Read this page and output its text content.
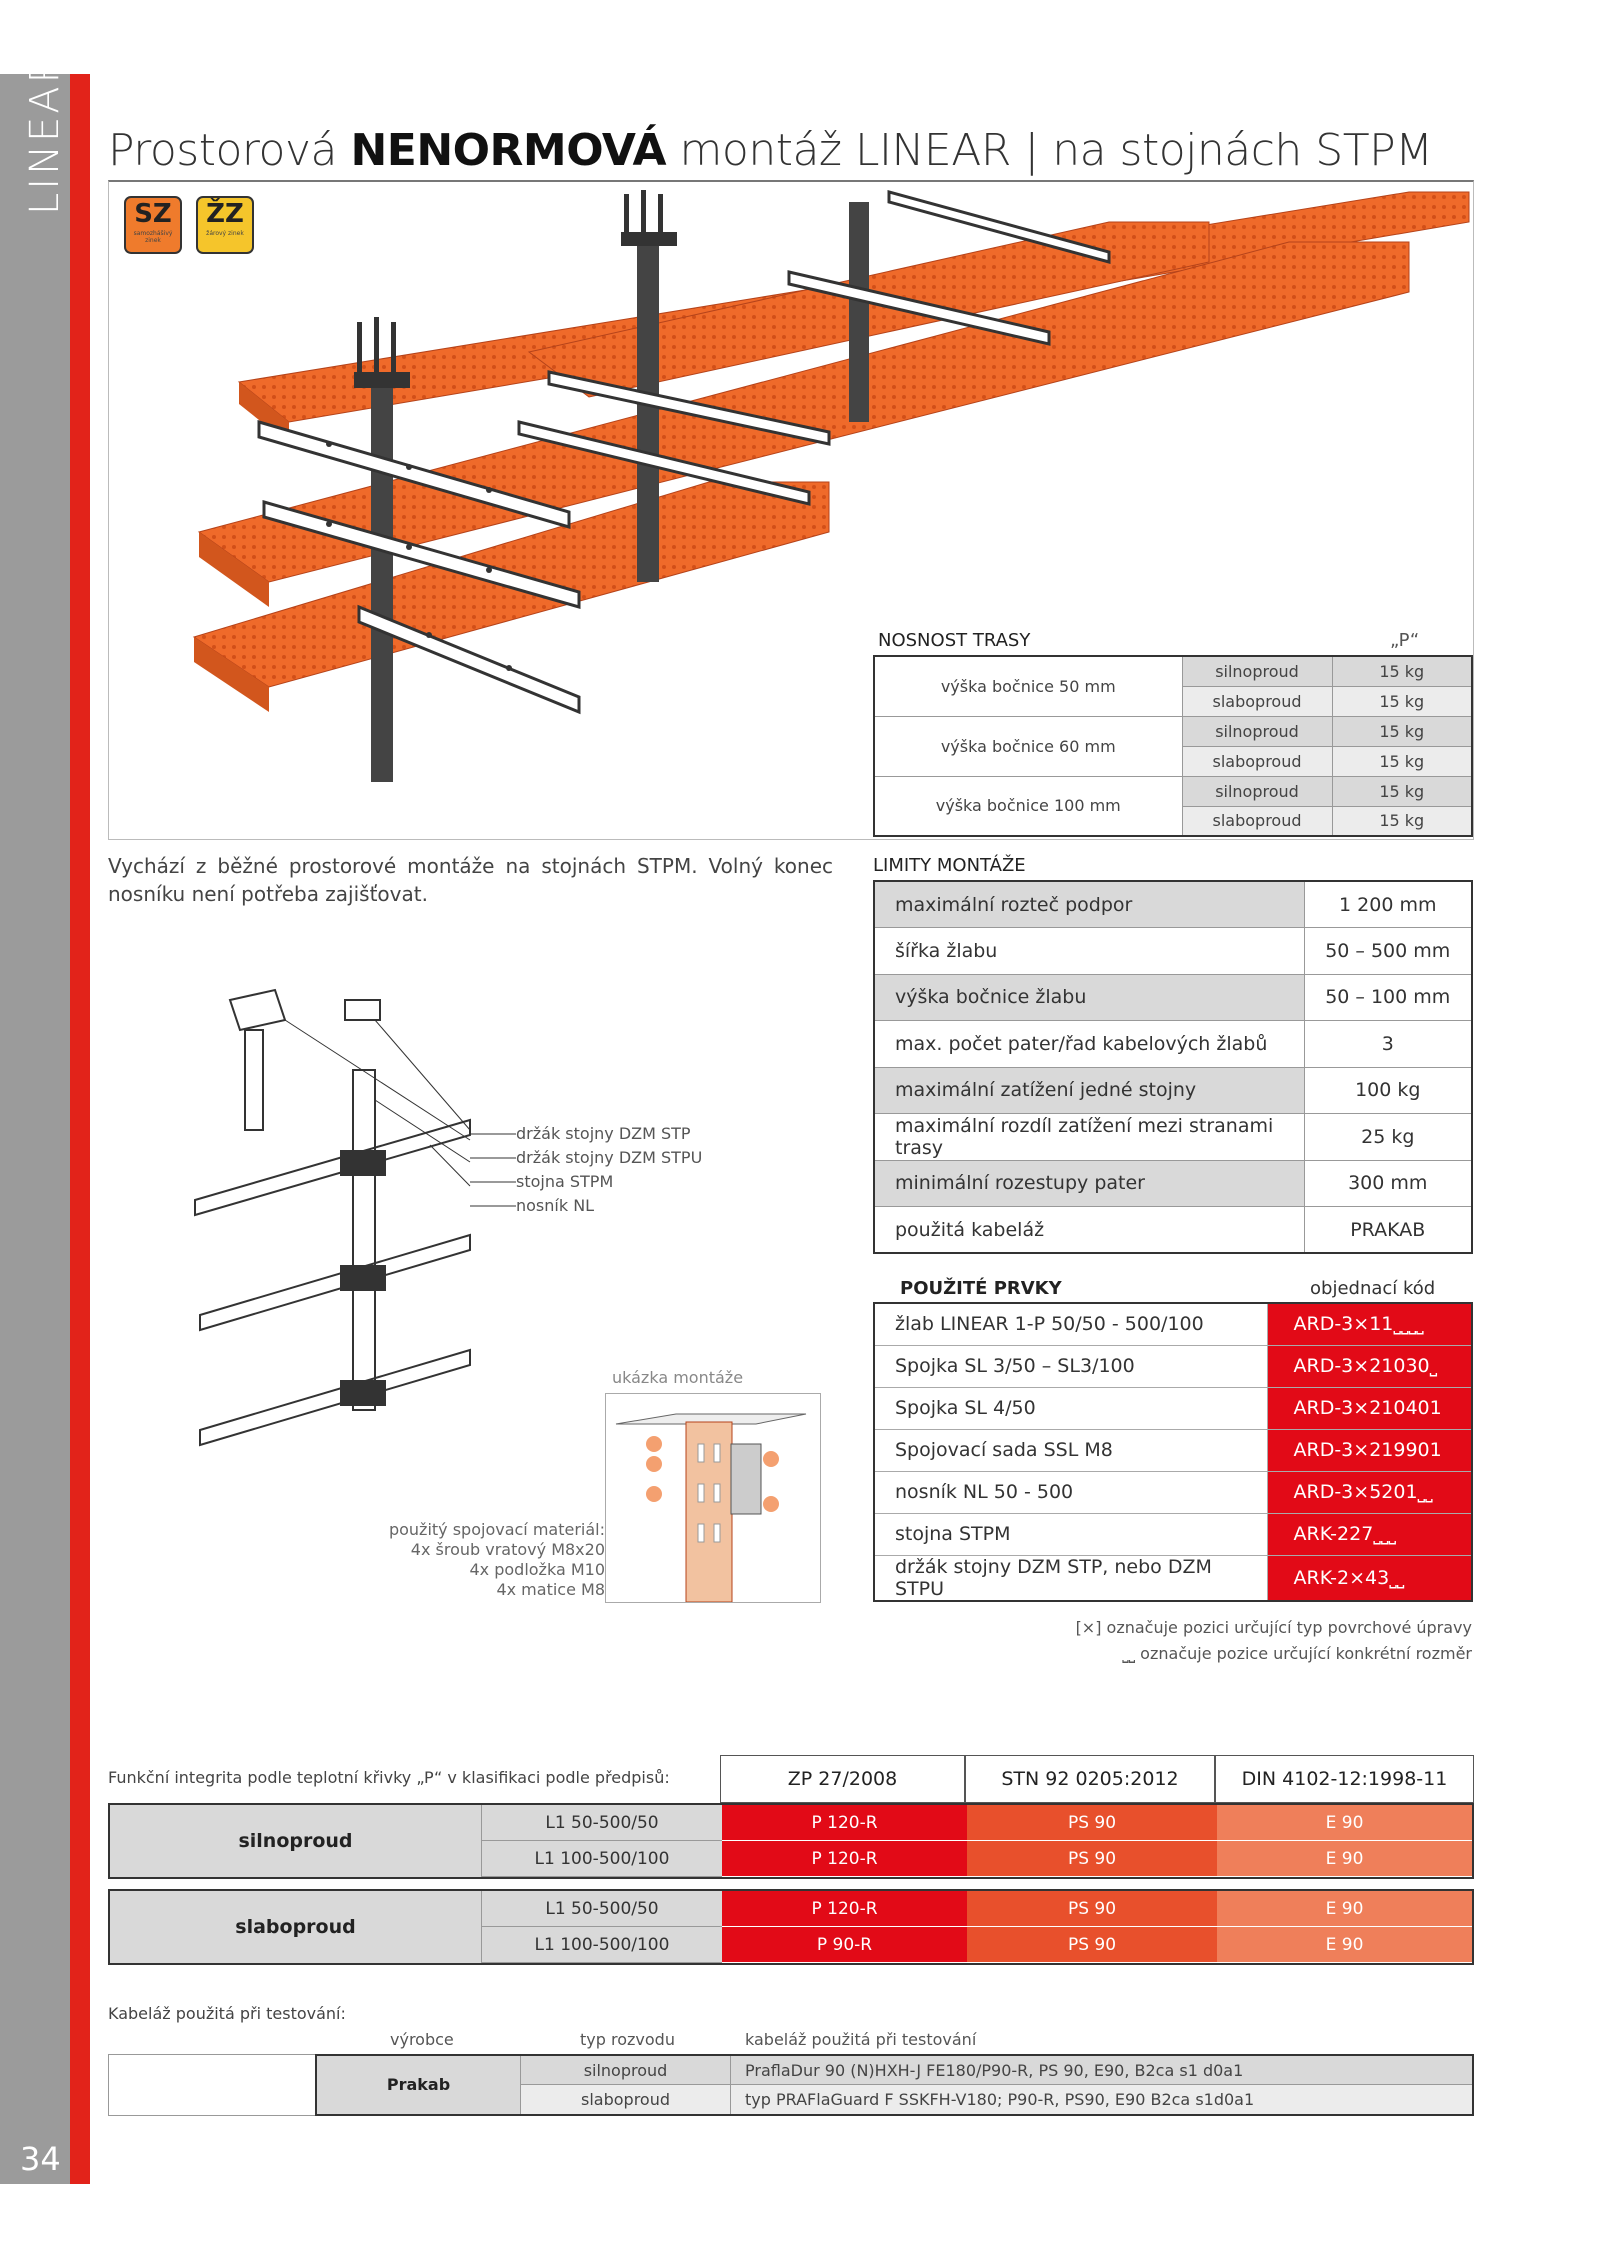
LINEAR
34
Prostorová NENORMOVÁ montáž LINEAR | na stojnách STPM
SZ
samozhášivý zinek
ŽZ
žárový zinek
NOSNOST TRASY	„P“
výška bočnice 50 mm	silnoproud	15 kg
	slaboproud	15 kg
výška bočnice 60 mm	silnoproud	15 kg
	slaboproud	15 kg
výška bočnice 100 mm	silnoproud	15 kg
	slaboproud	15 kg
Vychází z běžné prostorové montáže na stojnách STPM. Volný konec nosníku není potřeba zajišťovat.
LIMITY MONTÁŽE
maximální rozteč podpor	1 200 mm
šířka žlabu	50 – 500 mm
výška bočnice žlabu	50 – 100 mm
max. počet pater/řad kabelových žlabů	3
maximální zatížení jedné stojny	100 kg
maximální rozdíl zatížení mezi stranami trasy	25 kg
minimální rozestupy pater	300 mm
použitá kabeláž	PRAKAB
POUŽITÉ PRVKY	objednací kód
žlab LINEAR 1-P 50/50 - 500/100	ARD-3×11⎵⎵⎵⎵
Spojka SL 3/50 – SL3/100	ARD-3×21030⎵
Spojka SL 4/50	ARD-3×210401
Spojovací sada SSL M8	ARD-3×219901
nosník NL 50 - 500	ARD-3×5201⎵⎵
stojna STPM	ARK-227⎵⎵⎵
držák stojny DZM STP, nebo DZM STPU	ARK-2×43⎵⎵
[×] označuje pozici určující typ povrchové úpravy
⎵⎵ označuje pozice určující konkrétní rozměr
držák stojny DZM STP
držák stojny DZM STPU
stojna STPM
nosník NL
ukázka montáže
použitý spojovací materiál:
4x šroub vratový M8x20
4x podložka M10
4x matice M8
Funkční integrita podle teplotní křivky „P“ v klasifikaci podle předpisů:	ZP 27/2008	STN 92 0205:2012	DIN 4102-12:1998-11
silnoproud
L1 50-500/50	P 120-R	PS 90	E 90
L1 100-500/100	P 120-R	PS 90	E 90
slaboproud
L1 50-500/50	P 120-R	PS 90	E 90
L1 100-500/100	P 90-R	PS 90	E 90
Kabeláž použitá při testování:
výrobce	typ rozvodu	kabeláž použitá při testování
Prakab
silnoproud	PraflaDur 90 (N)HXH-J FE180/P90-R, PS 90, E90, B2ca s1 d0a1
slaboproud	typ PRAFlaGuard F SSKFH-V180; P90-R, PS90, E90 B2ca s1d0a1
